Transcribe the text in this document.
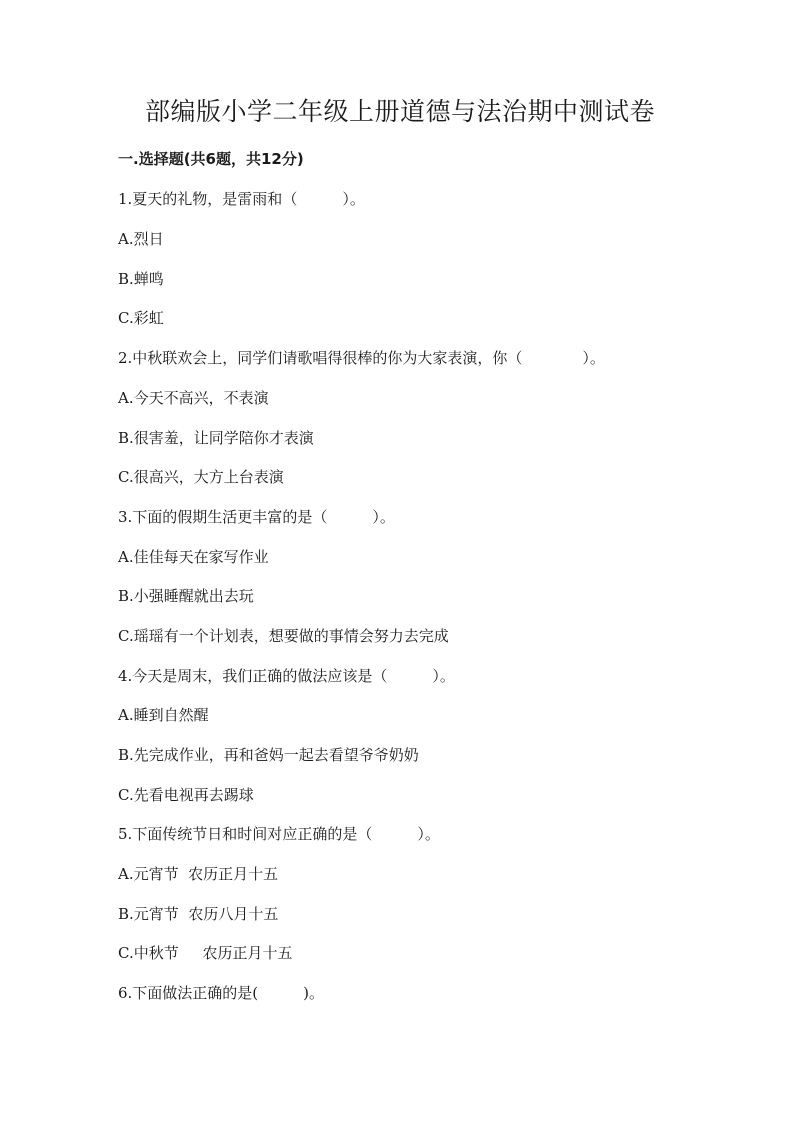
部编版小学二年级上册道德与法治期中测试卷
一.选择题(共6题，共12分)
1.夏天的礼物，是雷雨和（　　　）。
A.烈日
B.蝉鸣
C.彩虹
2.中秋联欢会上，同学们请歌唱得很棒的你为大家表演，你（　　　　）。
A.今天不高兴，不表演
B.很害羞，让同学陪你才表演
C.很高兴，大方上台表演
3.下面的假期生活更丰富的是（　　　）。
A.佳佳每天在家写作业
B.小强睡醒就出去玩
C.瑶瑶有一个计划表，想要做的事情会努力去完成
4.今天是周末，我们正确的做法应该是（　　　）。
A.睡到自然醒
B.先完成作业，再和爸妈一起去看望爷爷奶奶
C.先看电视再去踢球
5.下面传统节日和时间对应正确的是（　　　）。
A.元宵节  农历正月十五
B.元宵节  农历八月十五
C.中秋节     农历正月十五
6.下面做法正确的是(　　　)。
